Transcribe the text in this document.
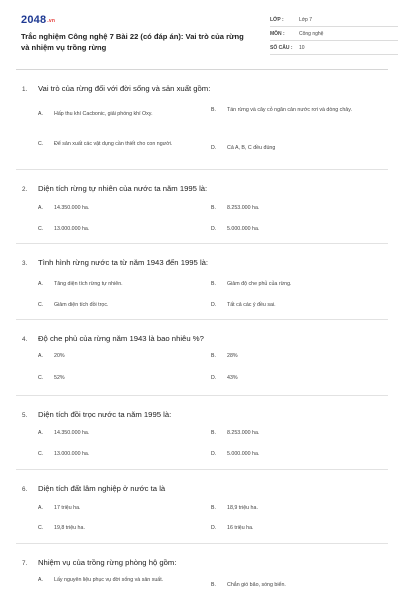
2048.vn
Trắc nghiệm Công nghệ 7 Bài 22 (có đáp án): Vai trò của rừng và nhiệm vụ trồng rừng
LỚP :	Lớp 7
MÔN :	Công nghệ
SỐ CÂU :	10
1. Vai trò của rừng đối với đời sống và sản xuất gồm:
A.	Hấp thu khí Cacbonic, giải phóng khí Oxy.
B.	Tán rừng và cây cỏ ngăn cản nước rơi và dòng chảy.
C.	Để sản xuất các vật dụng cần thiết cho con người.
D.	Cả A, B, C đều đúng
2. Diện tích rừng tự nhiên của nước ta năm 1995 là:
A.	14.350.000 ha.	B.	8.253.000 ha.
C.	13.000.000 ha.	D.	5.000.000 ha.
3. Tình hình rừng nước ta từ năm 1943 đến 1995 là:
A.	Tăng diện tích rừng tự nhiên.	B.	Giảm độ che phủ của rừng.
C.	Giảm diện tích đồi trọc.	D.	Tất cả các ý đều sai.
4. Độ che phủ của rừng năm 1943 là bao nhiêu %?
A.	20%	B.	28%
C.	52%	D.	43%
5. Diện tích đồi trọc nước ta năm 1995 là:
A.	14.350.000 ha.	B.	8.253.000 ha.
C.	13.000.000 ha.	D.	5.000.000 ha.
6. Diện tích đất lâm nghiệp ở nước ta là
A.	17 triệu ha.	B.	18,9 triệu ha.
C.	19,8 triệu ha.	D.	16 triệu ha.
7. Nhiệm vụ của trồng rừng phòng hộ gồm:
A.	Lấy nguyên liệu phục vụ đời sống và sản xuất.
B.	Chắn gió bão, sóng biển.
